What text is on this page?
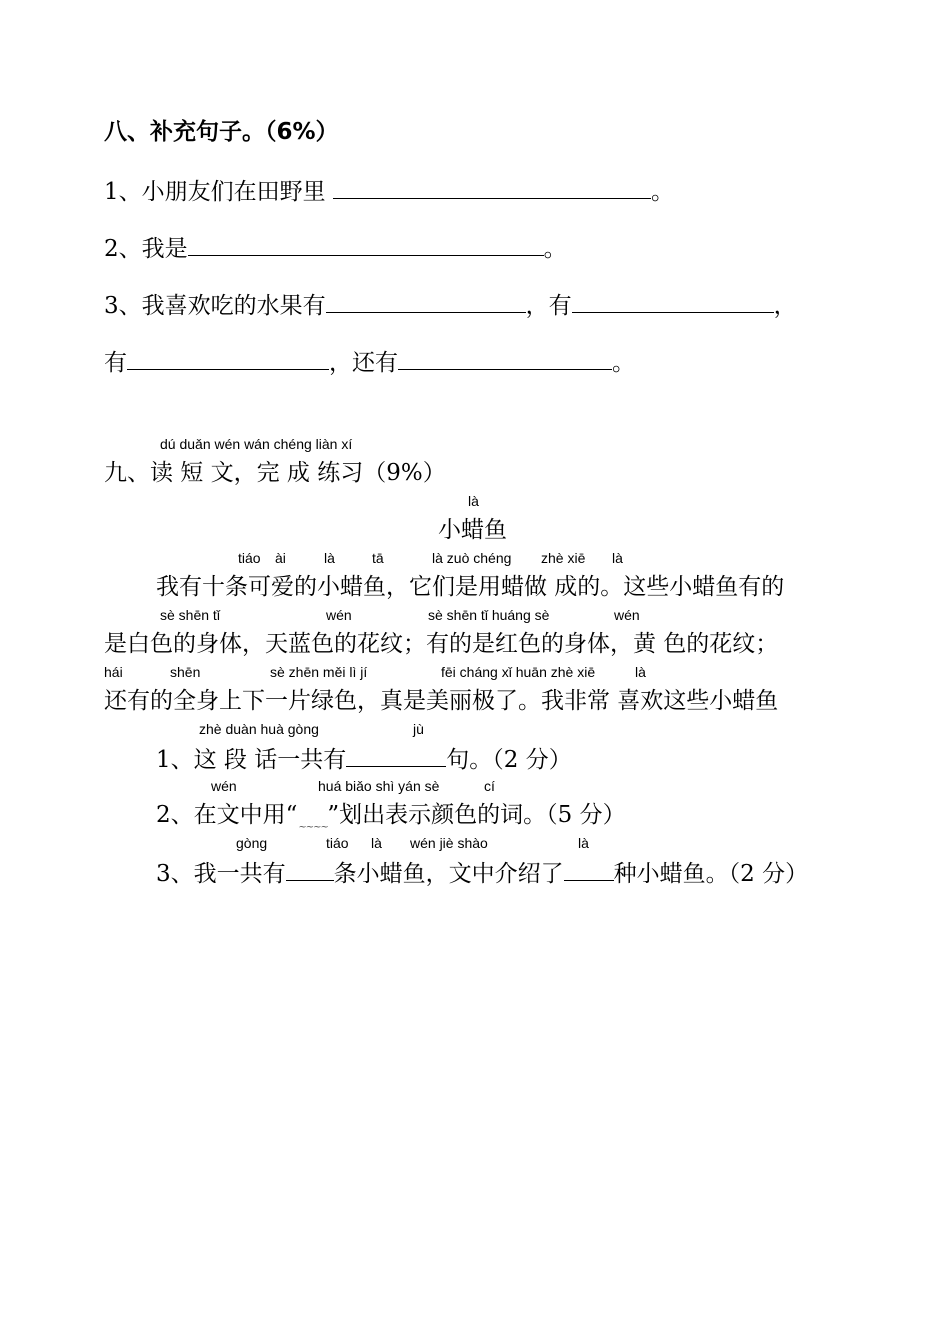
八、补充句子。（6%）
1、小朋友们在田野里	。
2、我是	。
3、我喜欢吃的水果有	，有	，
有	，还有	。
dú duǎn wén wán chéng liàn xí
九、读 短 文，完 成 练习（9%）
là
小蜡鱼
tiáo ài	là	tā	là zuò chéng zhè xiē là
我有十条可爱的小蜡鱼，它们是用蜡做 成的。这些小蜡鱼有的
sè shēn tǐ	wén	sè shēn tǐ huáng sè	wén
是白色的身体，天蓝色的花纹；有的是红色的身体，黄 色的花纹；
hái	shēn	sè zhēn měi lì jí	fēi cháng xǐ huān zhè xiē	là
还有的全身上下一片绿色，真是美丽极了。我非常 喜欢这些小蜡鱼
zhè duàn huà gòng	jù
1、这 段 话一共有	句。（2 分）
wén	huá biǎo shì yán sè	cí
2、在文中用“~~~~ ”划出表示颜色的词。（5 分）
gòng	tiáo là wén jiè shào	là
3、我一共有 条小蜡鱼，文中介绍了 种小蜡鱼。（2 分）
